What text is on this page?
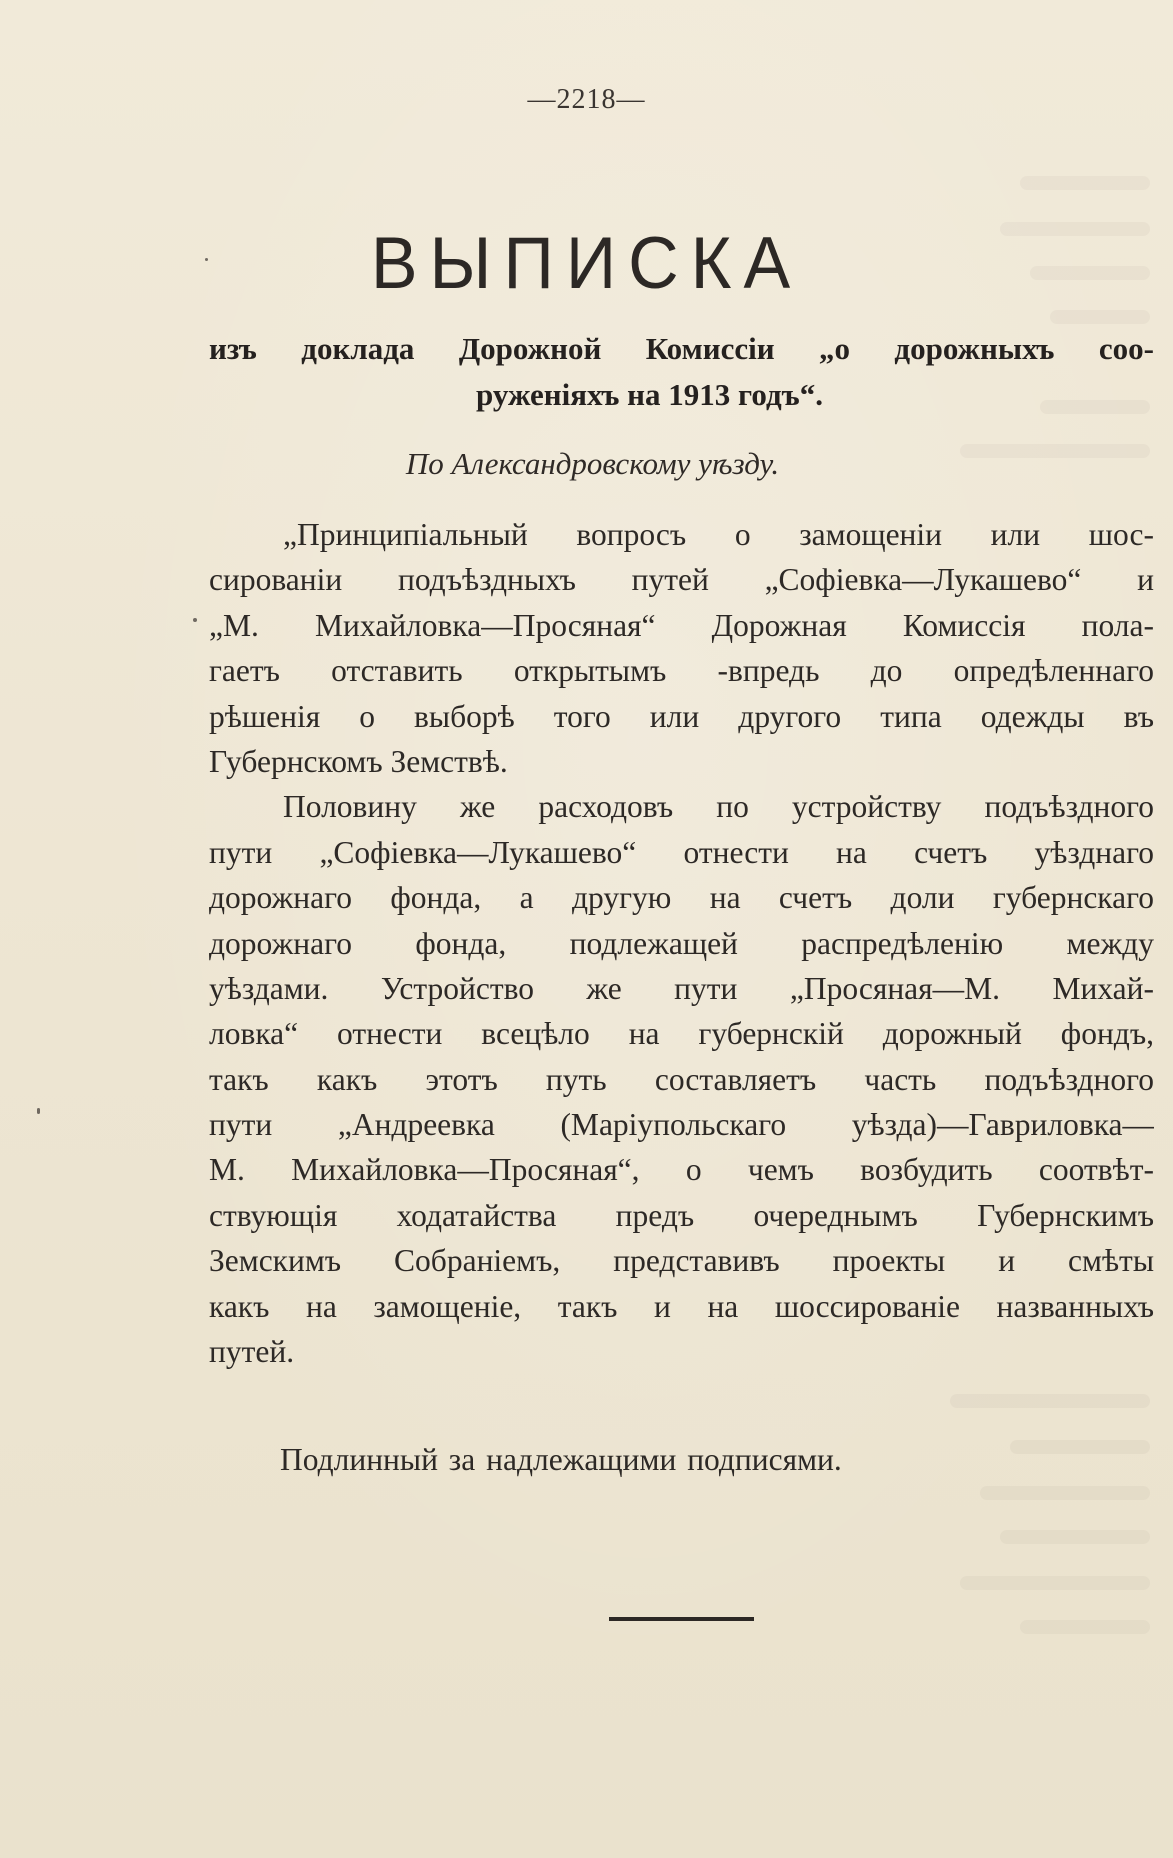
—2218—
ВЫПИСКА
изъ доклада Дорожной Комиссіи „о дорожныхъ соо-
руженіяхъ на 1913 годъ“.
По Александровскому уѣзду.
„Принципіальный вопросъ о замощеніи или шос-
сированіи подъѣздныхъ путей „Софіевка—Лукашево“ и
„М. Михайловка—Просяная“ Дорожная Комиссія пола-
гаетъ отставить открытымъ -впредь до опредѣленнаго
рѣшенія о выборѣ того или другого типа одежды въ
Губернскомъ Земствѣ.
Половину же расходовъ по устройству подъѣздного
пути „Софіевка—Лукашево“ отнести на счетъ уѣзднаго
дорожнаго фонда, а другую на счетъ доли губернскаго
дорожнаго фонда, подлежащей распредѣленію между
уѣздами. Устройство же пути „Просяная—М. Михай-
ловка“ отнести всецѣло на губернскій дорожный фондъ,
такъ какъ этотъ путь составляетъ часть подъѣздного
пути „Андреевка (Маріупольскаго уѣзда)—Гавриловка—
М. Михайловка—Просяная“, о чемъ возбудить соотвѣт-
ствующія ходатайства предъ очереднымъ Губернскимъ
Земскимъ Собраніемъ, представивъ проекты и смѣты
какъ на замощеніе, такъ и на шоссированіе названныхъ
путей.
Подлинный за надлежащими подписями.
